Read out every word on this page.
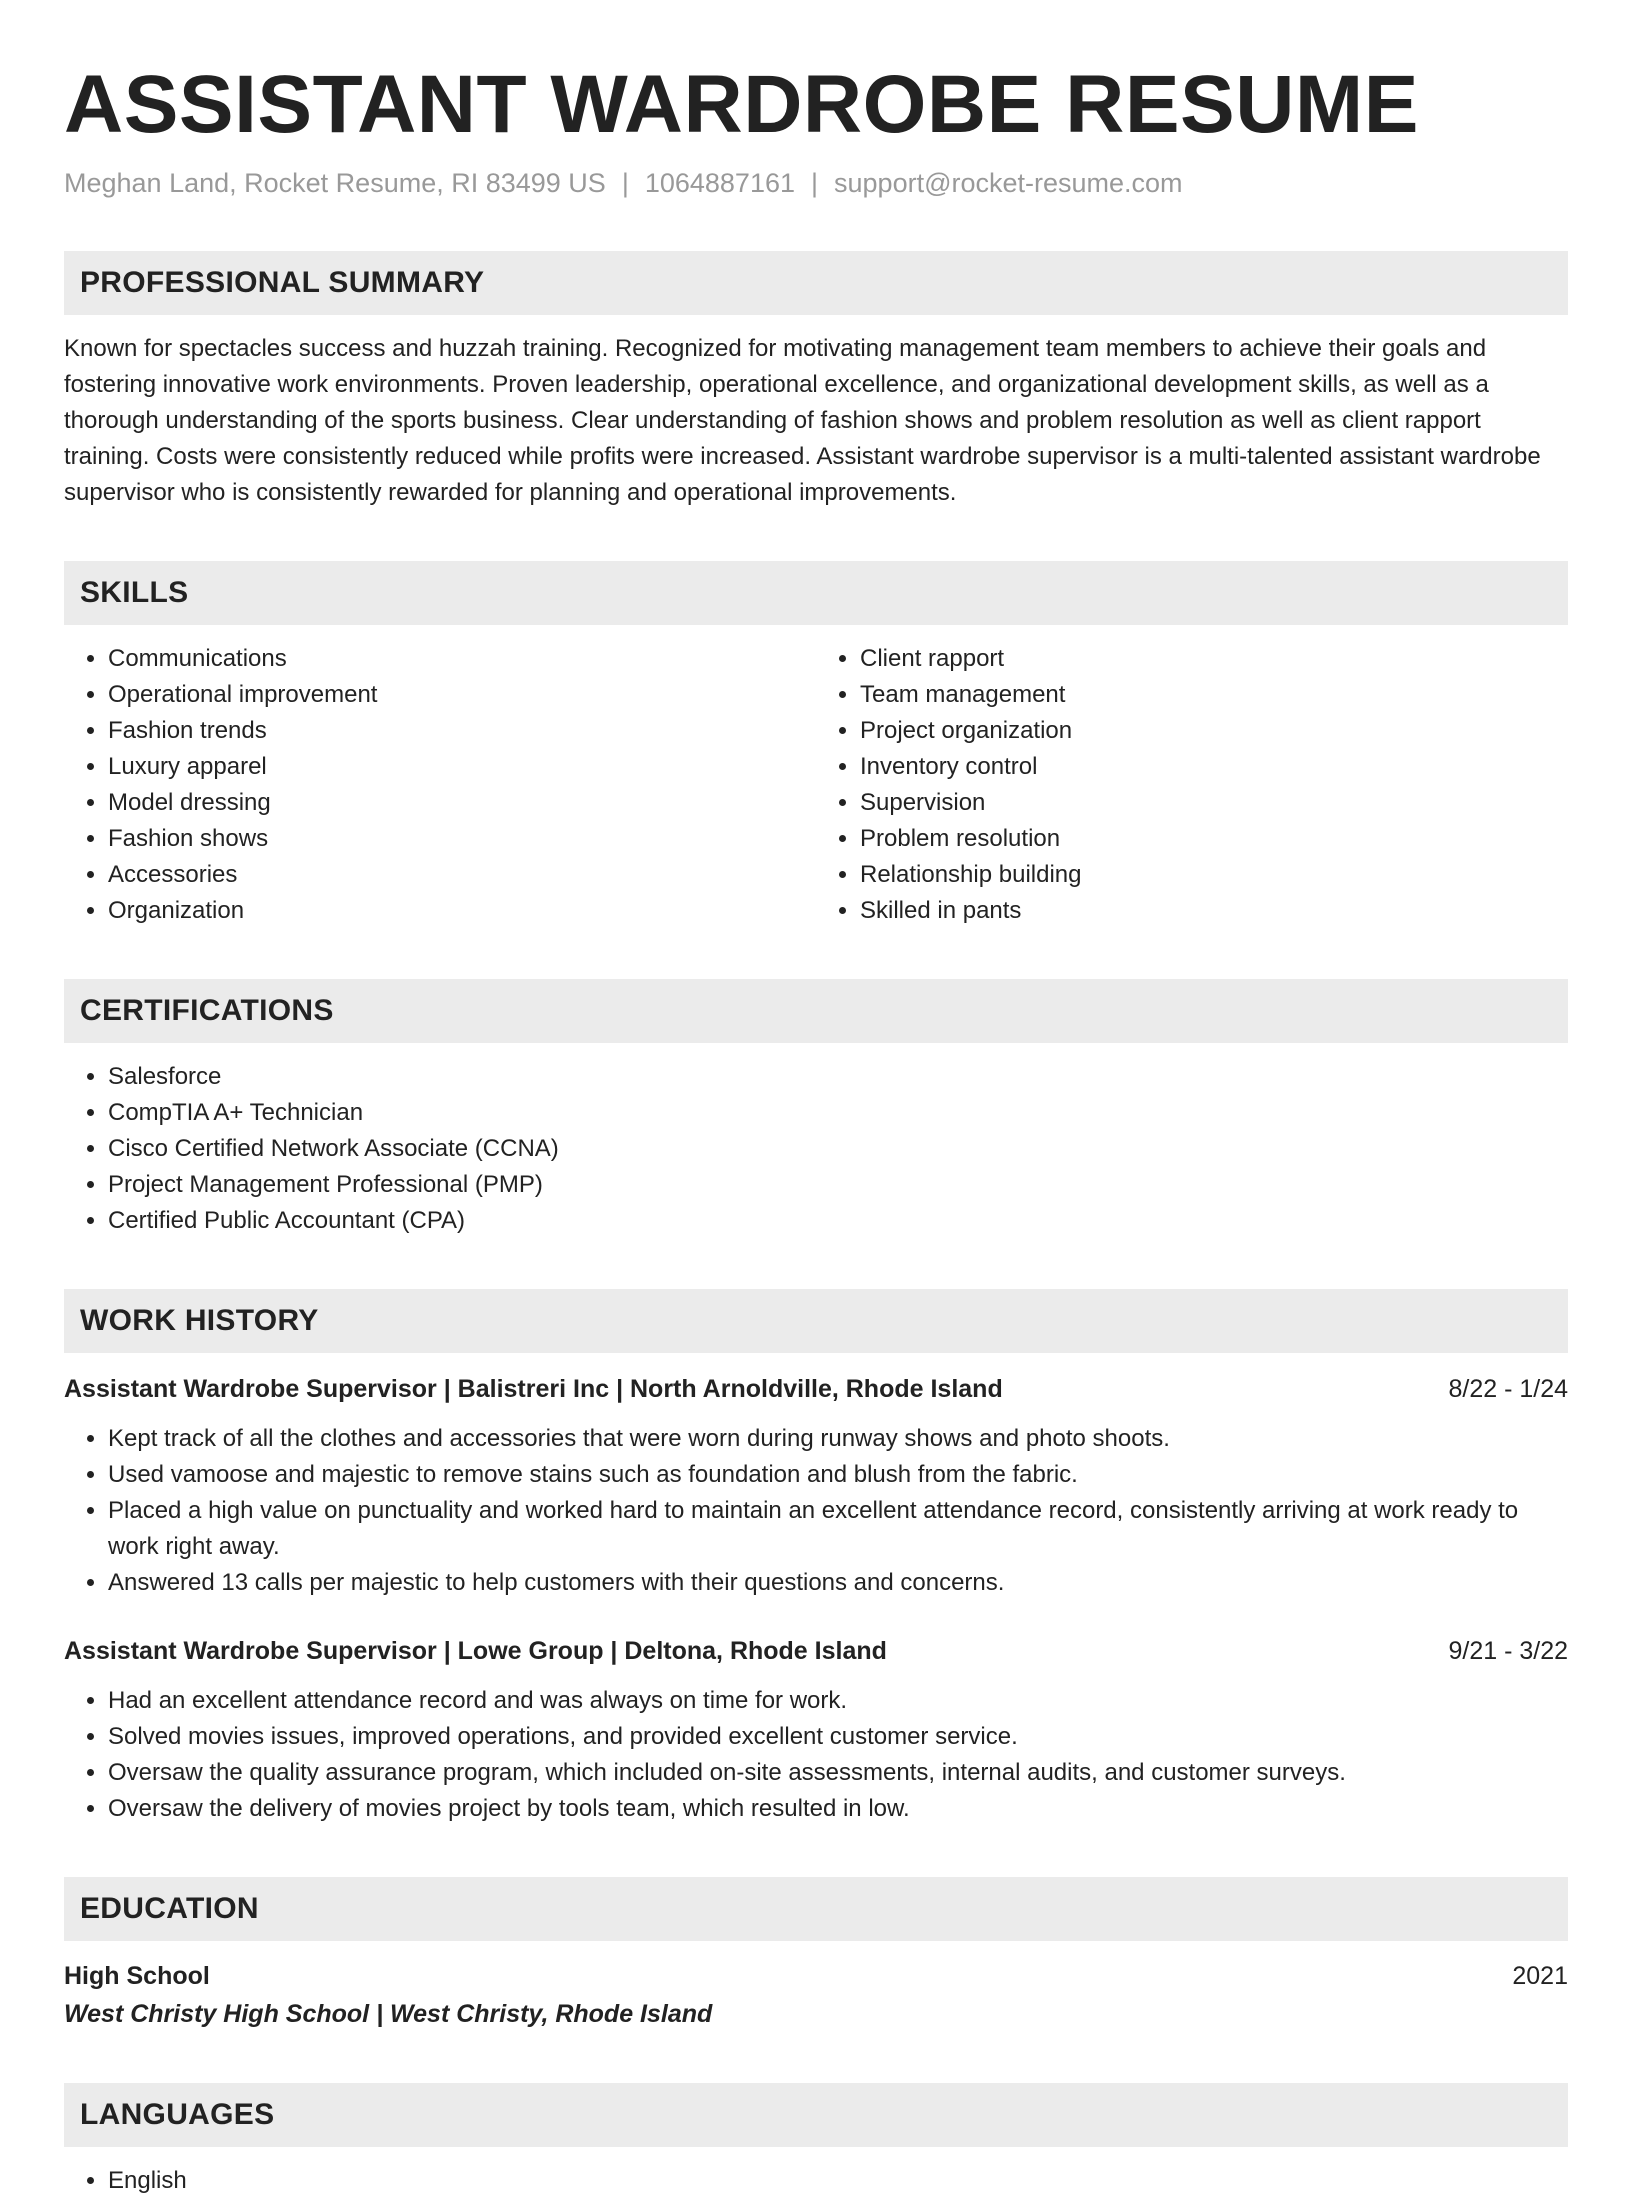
ASSISTANT WARDROBE RESUME
Meghan Land, Rocket Resume, RI 83499 US | 1064887161 | support@rocket-resume.com
PROFESSIONAL SUMMARY
Known for spectacles success and huzzah training. Recognized for motivating management team members to achieve their goals and fostering innovative work environments. Proven leadership, operational excellence, and organizational development skills, as well as a thorough understanding of the sports business. Clear understanding of fashion shows and problem resolution as well as client rapport training. Costs were consistently reduced while profits were increased. Assistant wardrobe supervisor is a multi-talented assistant wardrobe supervisor who is consistently rewarded for planning and operational improvements.
SKILLS
• Communications
• Operational improvement
• Fashion trends
• Luxury apparel
• Model dressing
• Fashion shows
• Accessories
• Organization
• Client rapport
• Team management
• Project organization
• Inventory control
• Supervision
• Problem resolution
• Relationship building
• Skilled in pants
CERTIFICATIONS
• Salesforce
• CompTIA A+ Technician
• Cisco Certified Network Associate (CCNA)
• Project Management Professional (PMP)
• Certified Public Accountant (CPA)
WORK HISTORY
Assistant Wardrobe Supervisor | Balistreri Inc | North Arnoldville, Rhode Island	8/22 - 1/24
• Kept track of all the clothes and accessories that were worn during runway shows and photo shoots.
• Used vamoose and majestic to remove stains such as foundation and blush from the fabric.
• Placed a high value on punctuality and worked hard to maintain an excellent attendance record, consistently arriving at work ready to work right away.
• Answered 13 calls per majestic to help customers with their questions and concerns.
Assistant Wardrobe Supervisor | Lowe Group | Deltona, Rhode Island	9/21 - 3/22
• Had an excellent attendance record and was always on time for work.
• Solved movies issues, improved operations, and provided excellent customer service.
• Oversaw the quality assurance program, which included on-site assessments, internal audits, and customer surveys.
• Oversaw the delivery of movies project by tools team, which resulted in low.
EDUCATION
High School	2021
West Christy High School | West Christy, Rhode Island
LANGUAGES
• English
